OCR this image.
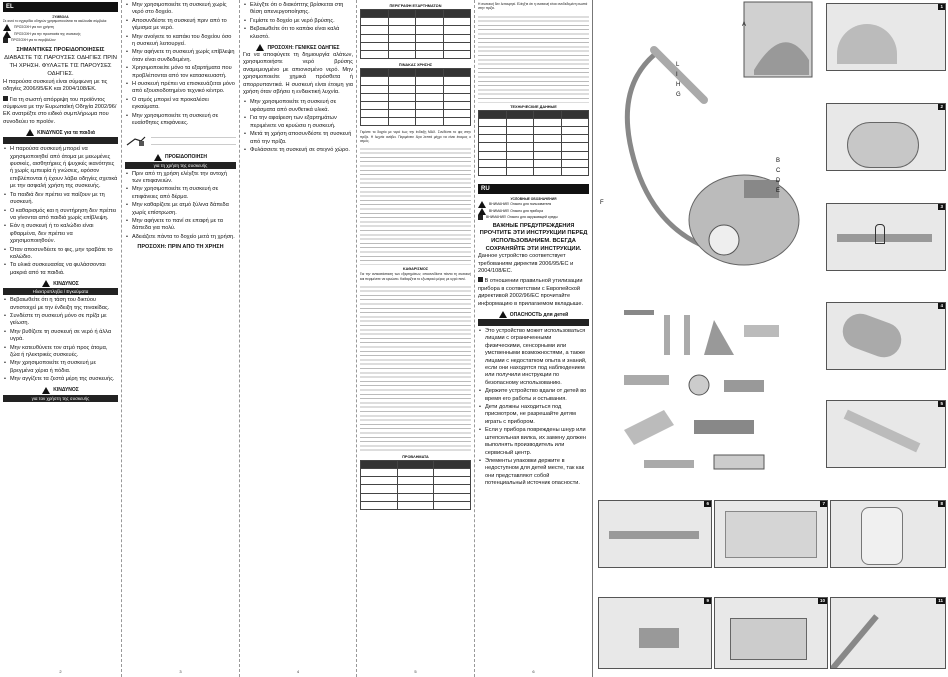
EL
ΣΥΜΒΟΛΑ
Σε αυτό το εγχειρίδιο οδηγιών χρησιμοποιούνται τα ακόλουθα σύμβολα:
ΠΡΟΣΟΧΗ για τον χρήστη
ΠΡΟΣΟΧΗ για την προστασία της συσκευής
ΠΡΟΣΟΧΗ για το περιβάλλον
ΣΗΜΑΝΤΙΚΕΣ ΠΡΟΕΙΔΟΠΟΙΗΣΕΙΣ
ΔΙΑΒΑΣΤΕ ΤΙΣ ΠΑΡΟΥΣΕΣ ΟΔΗΓΙΕΣ ΠΡΙΝ ΤΗ ΧΡΗΣΗ. ΦΥΛΑΞΤΕ ΤΙΣ ΠΑΡΟΥΣΕΣ ΟΔΗΓΙΕΣ.
Η παρούσα συσκευή είναι σύμφωνη με τις οδηγίες 2006/95/ΕΚ και 2004/108/ΕΚ.
Για τη σωστή απόρριψη του προϊόντος σύμφωνα με την Ευρωπαϊκή Οδηγία 2002/96/ΕΚ ανατρέξτε στο ειδικό συμπλήρωμα που συνοδεύει το προϊόν.
ΚΙΝΔΥΝΟΣ για τα παιδιά
• Η παρούσα συσκευή μπορεί να χρησιμοποιηθεί από άτομα με μειωμένες φυσικές, αισθητήριες ή ψυχικές ικανότητες ή χωρίς εμπειρία ή γνώσεις, εφόσον επιβλέπονται ή έχουν λάβει οδηγίες σχετικά με την ασφαλή χρήση της συσκευής.
• Τα παιδιά δεν πρέπει να παίζουν με τη συσκευή.
• Ο καθαρισμός και η συντήρηση δεν πρέπει να γίνονται από παιδιά χωρίς επίβλεψη.
• Εάν η συσκευή ή το καλώδιο είναι φθαρμένα, δεν πρέπει να χρησιμοποιηθούν.
• Όταν αποσυνδέετε το φις, μην τραβάτε το καλώδιο.
• Τα υλικά συσκευασίας να φυλάσσονται μακριά από τα παιδιά.
ΚΙΝΔΥΝΟΣ
Ηλεκτροπληξία / Εγκαύματα
• Βεβαιωθείτε ότι η τάση του δικτύου αντιστοιχεί με την ένδειξη της πινακίδας.
• Συνδέστε τη συσκευή μόνο σε πρίζα με γείωση.
• Μην βυθίζετε τη συσκευή σε νερό ή άλλα υγρά.
• Μην κατευθύνετε τον ατμό προς άτομα, ζώα ή ηλεκτρικές συσκευές.
• Μην χρησιμοποιείτε τη συσκευή με βρεγμένα χέρια ή πόδια.
• Μην αγγίζετε τα ζεστά μέρη της συσκευής.
ΚΙΝΔΥΝΟΣ
για τον χρήστη της συσκευής
2
• Μην χρησιμοποιείτε τη συσκευή χωρίς νερό στο δοχείο.
• Αποσυνδέστε τη συσκευή πριν από το γέμισμα με νερό.
• Μην ανοίγετε το καπάκι του δοχείου όσο η συσκευή λειτουργεί.
• Μην αφήνετε τη συσκευή χωρίς επίβλεψη όταν είναι συνδεδεμένη.
• Χρησιμοποιείτε μόνο τα εξαρτήματα που προβλέπονται από τον κατασκευαστή.
• Η συσκευή πρέπει να επισκευάζεται μόνο από εξουσιοδοτημένο τεχνικό κέντρο.
• Ο ατμός μπορεί να προκαλέσει εγκαύματα.
• Μην χρησιμοποιείτε τη συσκευή σε ευαίσθητες επιφάνειες.
ΠΡΟΕΙΔΟΠΟΙΗΣΗ
για τη χρήση της συσκευής
• Πριν από τη χρήση ελέγξτε την αντοχή των επιφανειών.
• Μην χρησιμοποιείτε τη συσκευή σε επιφάνειες από δέρμα.
• Μην καθαρίζετε με ατμό ξύλινα δάπεδα χωρίς επίστρωση.
• Μην αφήνετε το πανί σε επαφή με τα δάπεδα για πολύ.
• Αδειάζετε πάντα το δοχείο μετά τη χρήση.
ΠΡΟΣΟΧΗ: ΠΡΙΝ ΑΠΟ ΤΗ ΧΡΗΣΗ
3
• Ελέγξτε ότι ο διακόπτης βρίσκεται στη θέση απενεργοποίησης.
• Γεμίστε το δοχείο με νερό βρύσης.
• Βεβαιωθείτε ότι το καπάκι είναι καλά κλειστό.
ΠΡΟΣΟΧΗ: ΓΕΝΙΚΕΣ ΟΔΗΓΙΕΣ
Για να αποφύγετε τη δημιουργία αλάτων, χρησιμοποιήστε νερό βρύσης αναμεμειγμένο με απιονισμένο νερό. Μην χρησιμοποιείτε χημικά πρόσθετα ή απορρυπαντικά. Η συσκευή είναι έτοιμη για χρήση όταν σβήσει η ενδεικτική λυχνία.
• Μην χρησιμοποιείτε τη συσκευή σε υφάσματα από συνθετικά υλικά.
• Για την αφαίρεση των εξαρτημάτων περιμένετε να κρυώσει η συσκευή.
• Μετά τη χρήση αποσυνδέστε τη συσκευή από την πρίζα.
• Φυλάσσετε τη συσκευή σε στεγνό χώρο.
4
ΠΕΡΙΓΡΑΦΗ ΕΞΑΡΤΗΜΑΤΩΝ

ΠΙΝΑΚΑΣ ΧΡΗΣΗΣ

Γεμίστε το δοχείο με νερό έως την ένδειξη MAX. Συνδέστε το φις στην πρίζα. Η λυχνία ανάβει. Περιμένετε λίγα λεπτά μέχρι να είναι έτοιμος ο ατμός.
ΚΑΘΑΡΙΣΜΟΣ
Για την αντικατάσταση των εξαρτημάτων, αποσυνδέστε πάντα τη συσκευή και περιμένετε να κρυώσει. Καθαρίζετε το εξωτερικό μέρος με υγρό πανί.
ΠΡΟΒΛΗΜΑΤΑ

5
Η συσκευή δεν λειτουργεί. Ελέγξτε ότι η συσκευή είναι συνδεδεμένη σωστά στην πρίζα.
ТЕХНИЧЕСКИЕ ДАННЫЕ

RU
УСЛОВНЫЕ ОБОЗНАЧЕНИЯ
ВНИМАНИЕ! Опасно для пользователя
ВНИМАНИЕ! Опасно для прибора
ВНИМАНИЕ! Опасно для окружающей среды
ВАЖНЫЕ ПРЕДУПРЕЖДЕНИЯ
ПРОЧТИТЕ ЭТИ ИНСТРУКЦИИ ПЕРЕД ИСПОЛЬЗОВАНИЕМ. ВСЕГДА СОХРАНЯЙТЕ ЭТИ ИНСТРУКЦИИ.
Данное устройство соответствует требованиям директив 2006/95/ЕС и 2004/108/ЕС.
В отношении правильной утилизации прибора в соответствии с Европейской директивой 2002/96/ЕС прочитайте информацию в прилагаемом вкладыше.
ОПАСНОСТЬ для детей
• Это устройство может использоваться лицами с ограниченными физическими, сенсорными или умственными возможностями, а также лицами с недостатком опыта и знаний, если они находятся под наблюдением или получили инструкции по безопасному использованию.
• Держите устройство вдали от детей во время его работы и остывания.
• Дети должны находиться под присмотром, не разрешайте детям играть с прибором.
• Если у прибора повреждены шнур или штепсельная вилка, их замену должен выполнять производитель или сервисный центр.
• Элементы упаковки держите в недоступном для детей месте, так как они представляют собой потенциальный источник опасности.
6
A
B
C
D
E
F
G
H
I
L
1
2
3
4
5
6	7	8
9	10	11
